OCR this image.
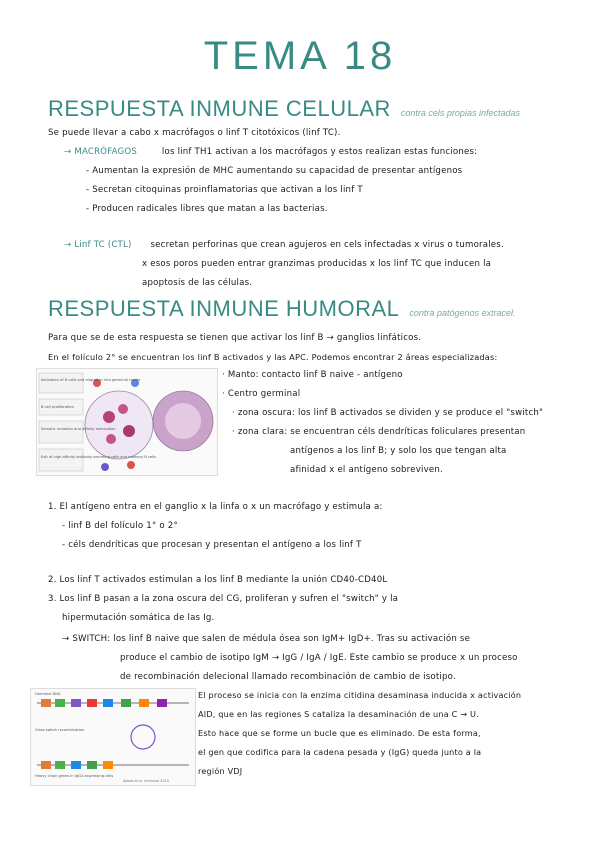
TEMA 18
RESPUESTA INMUNE CELULAR contra cels propias infectadas
Se puede llevar a cabo x macrófagos o linf T citotóxicos (linf TC).
→ MACRÓFAGOS	los linf TH1 activan a los macrófagos y estos realizan estas funciones:
- Aumentan la expresión de MHC aumentando su capacidad de presentar antígenos
- Secretan citoquinas proinflamatorias que activan a los linf T
- Producen radicales libres que matan a las bacterias.
→ Linf TC (CTL) secretan perforinas que crean agujeros en cels infectadas x virus o tumorales.
x esos poros pueden entrar granzimas producidas x los linf TC que inducen la
apoptosis de las células.
RESPUESTA INMUNE HUMORAL contra patógenos extracel.
Para que se de esta respuesta se tienen que activar los linf B → ganglios linfáticos.
En el folículo 2° se encuentran los linf B activados y las APC. Podemos encontrar 2 áreas especializadas:
Activation of B cells and migration into germinal center
B cell proliferation
Somatic mutation and affinity maturation
Exit of high-affinity antibody-secreting cells and memory B cells
· Manto: contacto linf B naive - antígeno
· Centro germinal
· zona oscura: los linf B activados se dividen y se produce el "switch"
· zona clara: se encuentran céls dendríticas foliculares presentan
antígenos a los linf B; y solo los que tengan alta
afinidad x el antígeno sobreviven.
1. El antígeno entra en el ganglio x la linfa o x un macrófago y estimula a:
- linf B del folículo 1° o 2°
- céls dendríticas que procesan y presentan el antígeno a los linf T
2. Los linf T activados estimulan a los linf B mediante la unión CD40-CD40L
3. Los linf B pasan a la zona oscura del CG, proliferan y sufren el "switch" y la
hipermutación somática de las Ig.
→ SWITCH: los linf B naive que salen de médula ósea son IgM+ IgD+. Tras su activación se
produce el cambio de isotipo IgM → IgG / IgA / IgE. Este cambio se produce x un proceso
de recombinación delecional llamado recombinación de cambio de isotipo.
Germline DNA
Class switch recombination
Heavy chain genes in IgG3-expressing cells
Abbas et al. Immunol 2014
El proceso se inicia con la enzima citidina desaminasa inducida x activación
AID, que en las regiones S cataliza la desaminación de una C → U.
Esto hace que se forme un bucle que es eliminado. De esta forma,
el gen que codifica para la cadena pesada y (IgG) queda junto a la
región VDJ
